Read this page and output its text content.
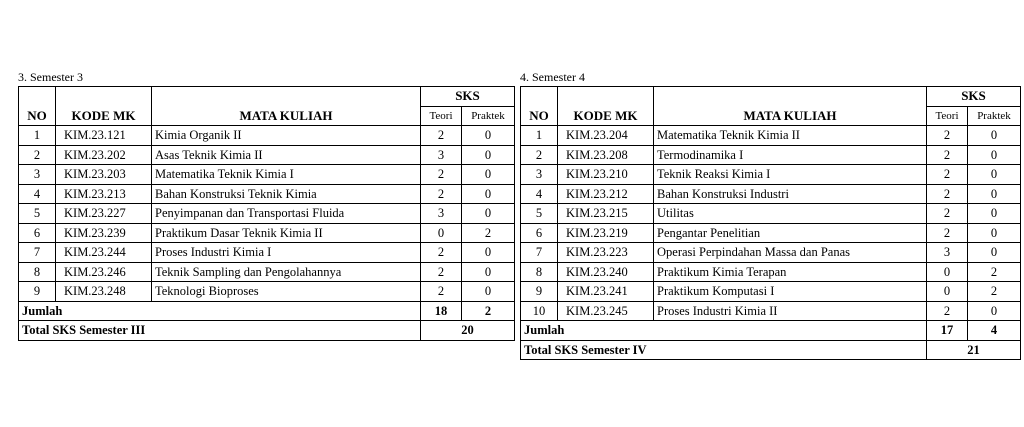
3. Semester 3
NO	KODE MK	MATA KULIAH	SKS	
			Teori	Praktek
1	KIM.23.121	Kimia Organik II	2	0
2	KIM.23.202	Asas Teknik Kimia II	3	0
3	KIM.23.203	Matematika Teknik Kimia I	2	0
4	KIM.23.213	Bahan Konstruksi Teknik Kimia	2	0
5	KIM.23.227	Penyimpanan dan Transportasi Fluida	3	0
6	KIM.23.239	Praktikum Dasar Teknik Kimia II	0	2
7	KIM.23.244	Proses Industri Kimia I	2	0
8	KIM.23.246	Teknik Sampling dan Pengolahannya	2	0
9	KIM.23.248	Teknologi Bioproses	2	0
Jumlah			18	2
Total SKS Semester III			20	
4. Semester 4
NO	KODE MK	MATA KULIAH	SKS	
			Teori	Praktek
1	KIM.23.204	Matematika Teknik Kimia II	2	0
2	KIM.23.208	Termodinamika I	2	0
3	KIM.23.210	Teknik Reaksi Kimia I	2	0
4	KIM.23.212	Bahan Konstruksi Industri	2	0
5	KIM.23.215	Utilitas	2	0
6	KIM.23.219	Pengantar Penelitian	2	0
7	KIM.23.223	Operasi Perpindahan Massa dan Panas	3	0
8	KIM.23.240	Praktikum Kimia Terapan	0	2
9	KIM.23.241	Praktikum Komputasi I	0	2
10	KIM.23.245	Proses Industri Kimia II	2	0
Jumlah			17	4
Total SKS Semester IV			21	
